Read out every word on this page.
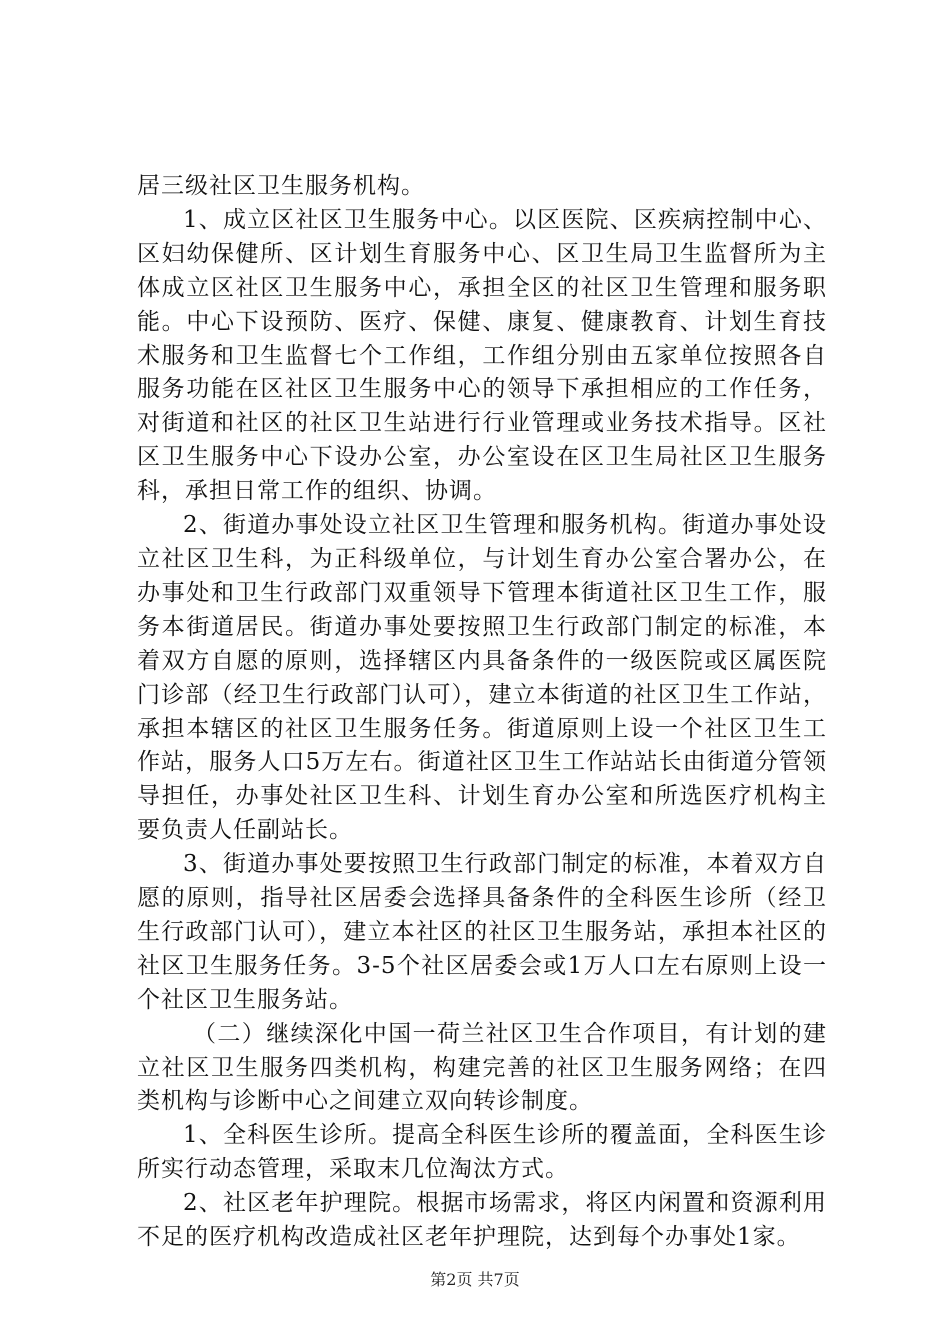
居三级社区卫生服务机构。

1、成立区社区卫生服务中心。以区医院、区疾病控制中心、区妇幼保健所、区计划生育服务中心、区卫生局卫生监督所为主体成立区社区卫生服务中心，承担全区的社区卫生管理和服务职能。中心下设预防、医疗、保健、康复、健康教育、计划生育技术服务和卫生监督七个工作组，工作组分别由五家单位按照各自服务功能在区社区卫生服务中心的领导下承担相应的工作任务，对街道和社区的社区卫生站进行行业管理或业务技术指导。区社区卫生服务中心下设办公室，办公室设在区卫生局社区卫生服务科，承担日常工作的组织、协调。

2、街道办事处设立社区卫生管理和服务机构。街道办事处设立社区卫生科，为正科级单位，与计划生育办公室合署办公，在办事处和卫生行政部门双重领导下管理本街道社区卫生工作，服务本街道居民。街道办事处要按照卫生行政部门制定的标准，本着双方自愿的原则，选择辖区内具备条件的一级医院或区属医院门诊部（经卫生行政部门认可），建立本街道的社区卫生工作站，承担本辖区的社区卫生服务任务。街道原则上设一个社区卫生工作站，服务人口5万左右。街道社区卫生工作站站长由街道分管领导担任，办事处社区卫生科、计划生育办公室和所选医疗机构主要负责人任副站长。

3、街道办事处要按照卫生行政部门制定的标准，本着双方自愿的原则，指导社区居委会选择具备条件的全科医生诊所（经卫生行政部门认可），建立本社区的社区卫生服务站，承担本社区的社区卫生服务任务。3-5个社区居委会或1万人口左右原则上设一个社区卫生服务站。

（二）继续深化中国一荷兰社区卫生合作项目，有计划的建立社区卫生服务四类机构，构建完善的社区卫生服务网络；在四类机构与诊断中心之间建立双向转诊制度。

1、全科医生诊所。提高全科医生诊所的覆盖面，全科医生诊所实行动态管理，采取末几位淘汰方式。

2、社区老年护理院。根据市场需求，将区内闲置和资源利用不足的医疗机构改造成社区老年护理院，达到每个办事处1家。

第2页 共7页
